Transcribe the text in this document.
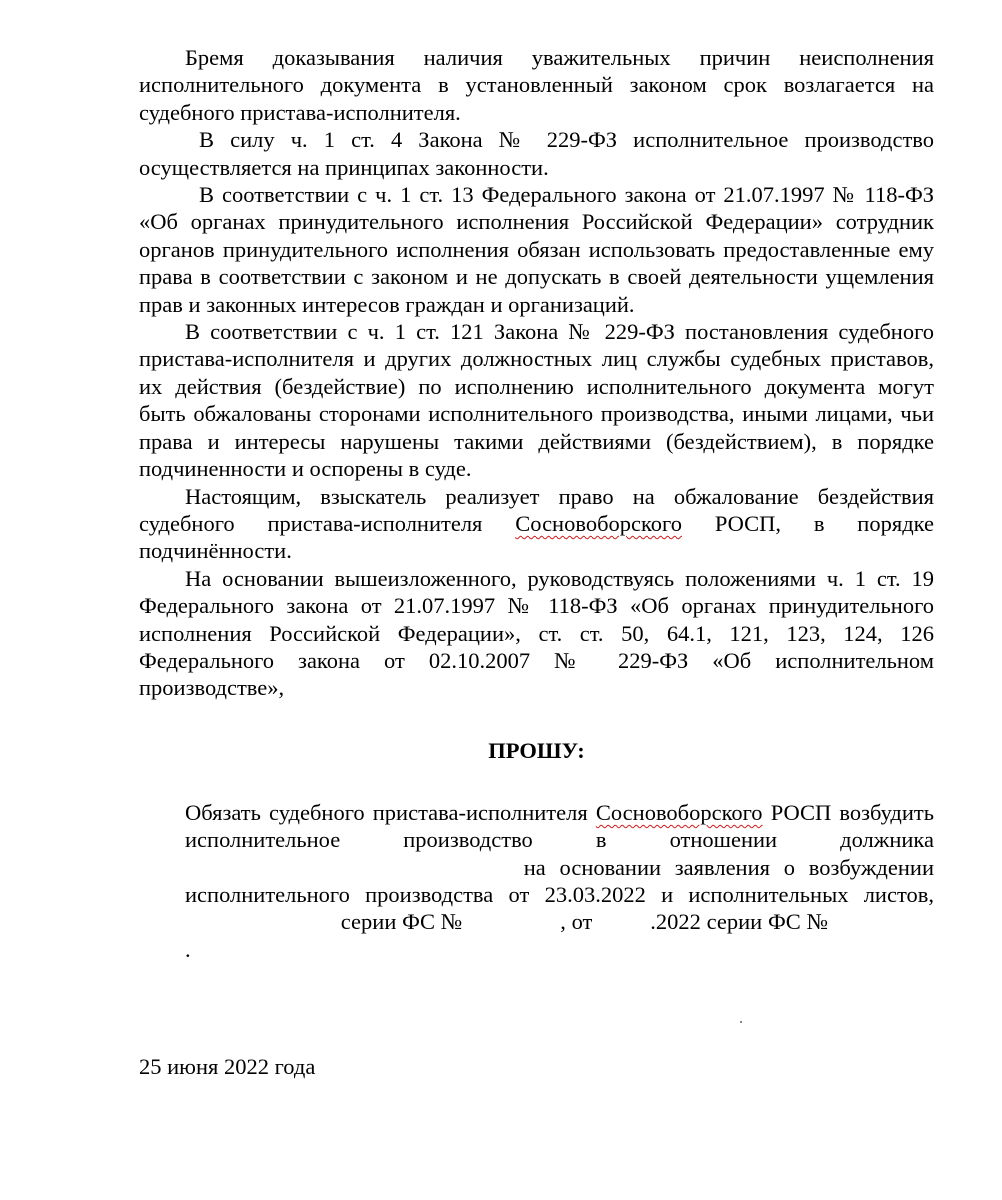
Бремя доказывания наличия уважительных причин неисполнения исполнительного документа в установленный законом срок возлагается на судебного пристава-исполнителя.

В силу ч. 1 ст. 4 Закона № 229-ФЗ исполнительное производство осуществляется на принципах законности.

В соответствии с ч. 1 ст. 13 Федерального закона от 21.07.1997 № 118-ФЗ «Об органах принудительного исполнения Российской Федерации» сотрудник органов принудительного исполнения обязан использовать предоставленные ему права в соответствии с законом и не допускать в своей деятельности ущемления прав и законных интересов граждан и организаций.

В соответствии с ч. 1 ст. 121 Закона № 229-ФЗ постановления судебного пристава-исполнителя и других должностных лиц службы судебных приставов, их действия (бездействие) по исполнению исполнительного документа могут быть обжалованы сторонами исполнительного производства, иными лицами, чьи права и интересы нарушены такими действиями (бездействием), в порядке подчиненности и оспорены в суде.

Настоящим, взыскатель реализует право на обжалование бездействия судебного пристава-исполнителя Сосновоборского РОСП, в порядке подчинённости.

На основании вышеизложенного, руководствуясь положениями ч. 1 ст. 19 Федерального закона от 21.07.1997 № 118-ФЗ «Об органах принудительного исполнения Российской Федерации», ст. ст. 50, 64.1, 121, 123, 124, 126 Федерального закона от 02.10.2007 № 229-ФЗ «Об исполнительном производстве»,

ПРОШУ:

Обязать судебного пристава-исполнителя Сосновоборского РОСП возбудить исполнительное производство в отношении должника   на основании заявления о возбуждении исполнительного производства от 23.03.2022 и исполнительных листов,   серии ФС №	, от	.2022 серии ФС №  .

25 июня 2022 года
